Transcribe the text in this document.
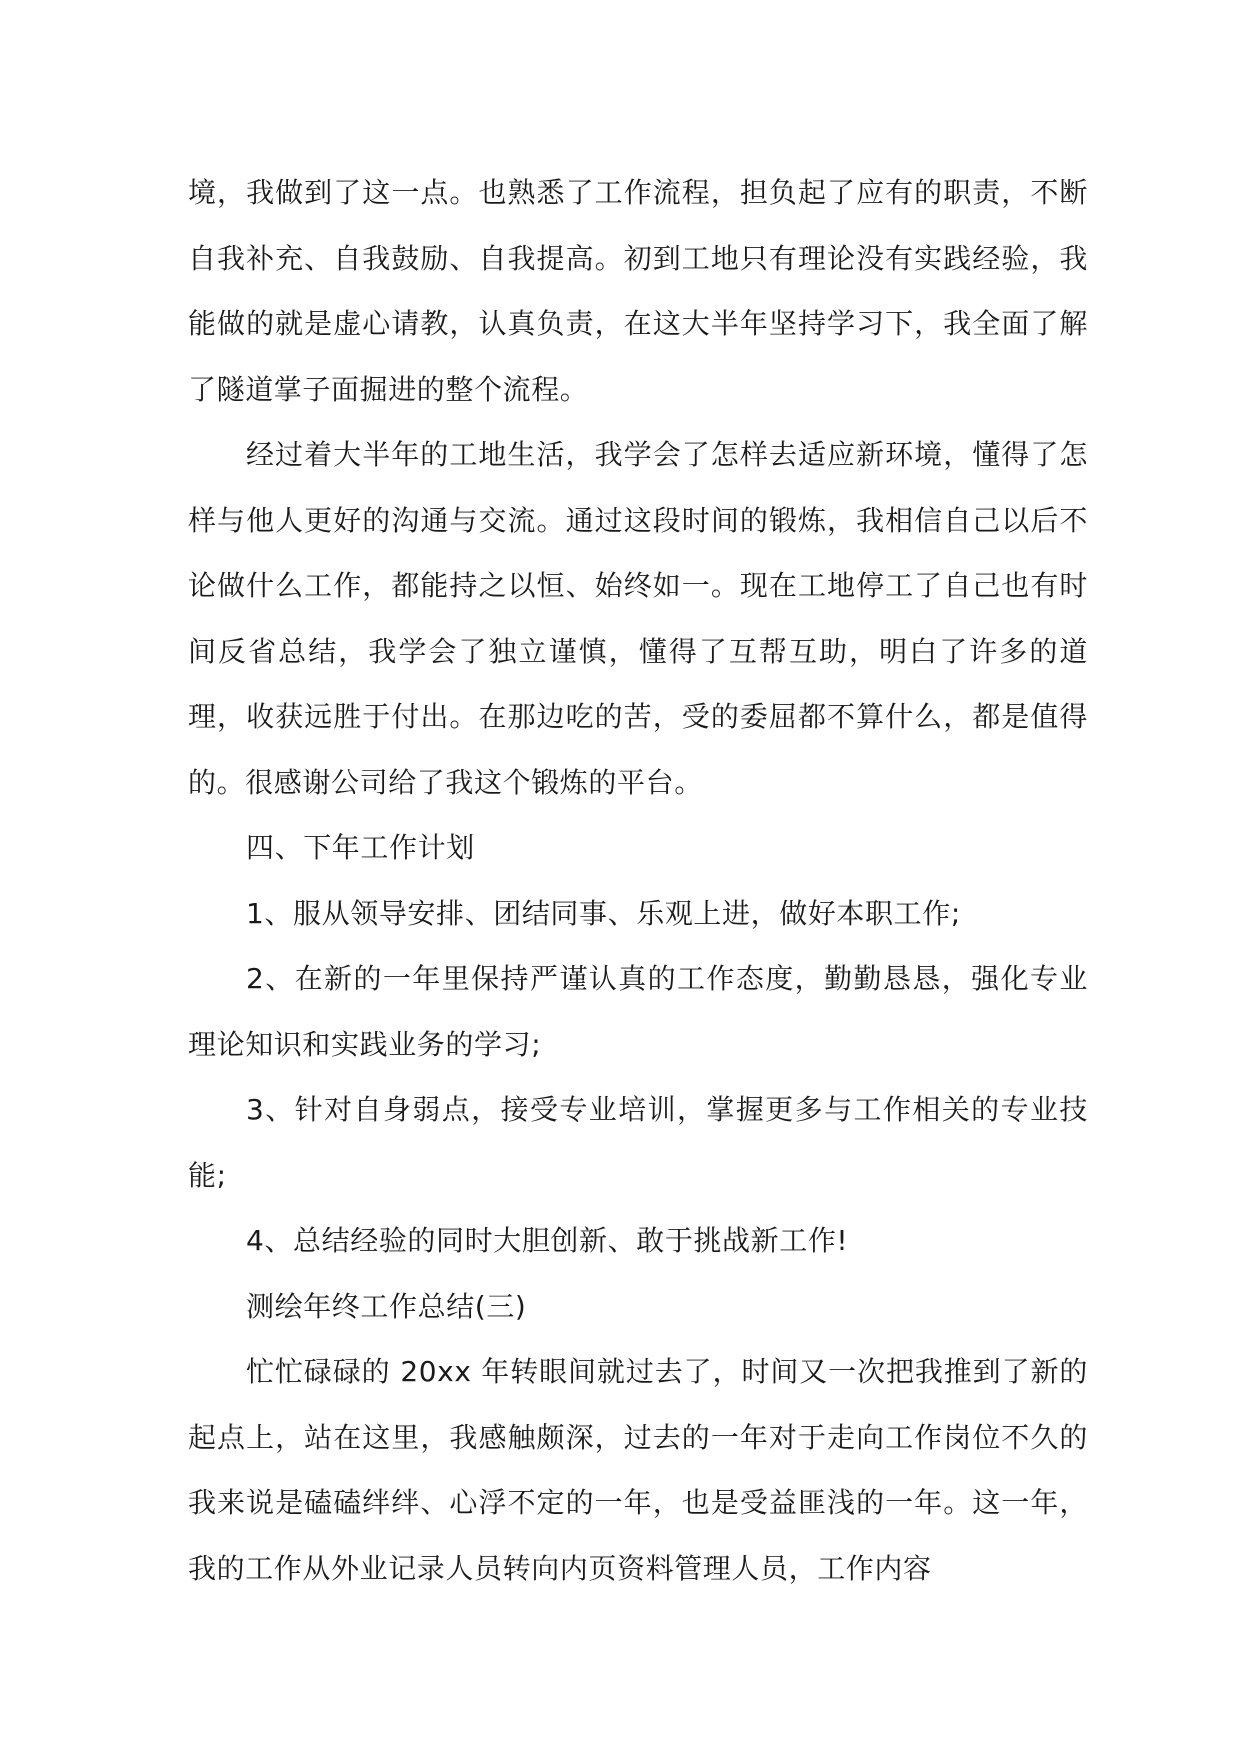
境，我做到了这一点。也熟悉了工作流程，担负起了应有的职责，不断自我补充、自我鼓励、自我提高。初到工地只有理论没有实践经验，我能做的就是虚心请教，认真负责，在这大半年坚持学习下，我全面了解了隧道掌子面掘进的整个流程。

经过着大半年的工地生活，我学会了怎样去适应新环境，懂得了怎样与他人更好的沟通与交流。通过这段时间的锻炼，我相信自己以后不论做什么工作，都能持之以恒、始终如一。现在工地停工了自己也有时间反省总结，我学会了独立谨慎，懂得了互帮互助，明白了许多的道理，收获远胜于付出。在那边吃的苦，受的委屈都不算什么，都是值得的。很感谢公司给了我这个锻炼的平台。

四、下年工作计划

1、服从领导安排、团结同事、乐观上进，做好本职工作;

2、在新的一年里保持严谨认真的工作态度，勤勤恳恳，强化专业理论知识和实践业务的学习;

3、针对自身弱点，接受专业培训，掌握更多与工作相关的专业技能;

4、总结经验的同时大胆创新、敢于挑战新工作!

测绘年终工作总结(三)

忙忙碌碌的 20xx 年转眼间就过去了，时间又一次把我推到了新的起点上，站在这里，我感触颇深，过去的一年对于走向工作岗位不久的我来说是磕磕绊绊、心浮不定的一年，也是受益匪浅的一年。这一年，我的工作从外业记录人员转向内页资料管理人员，工作内容
